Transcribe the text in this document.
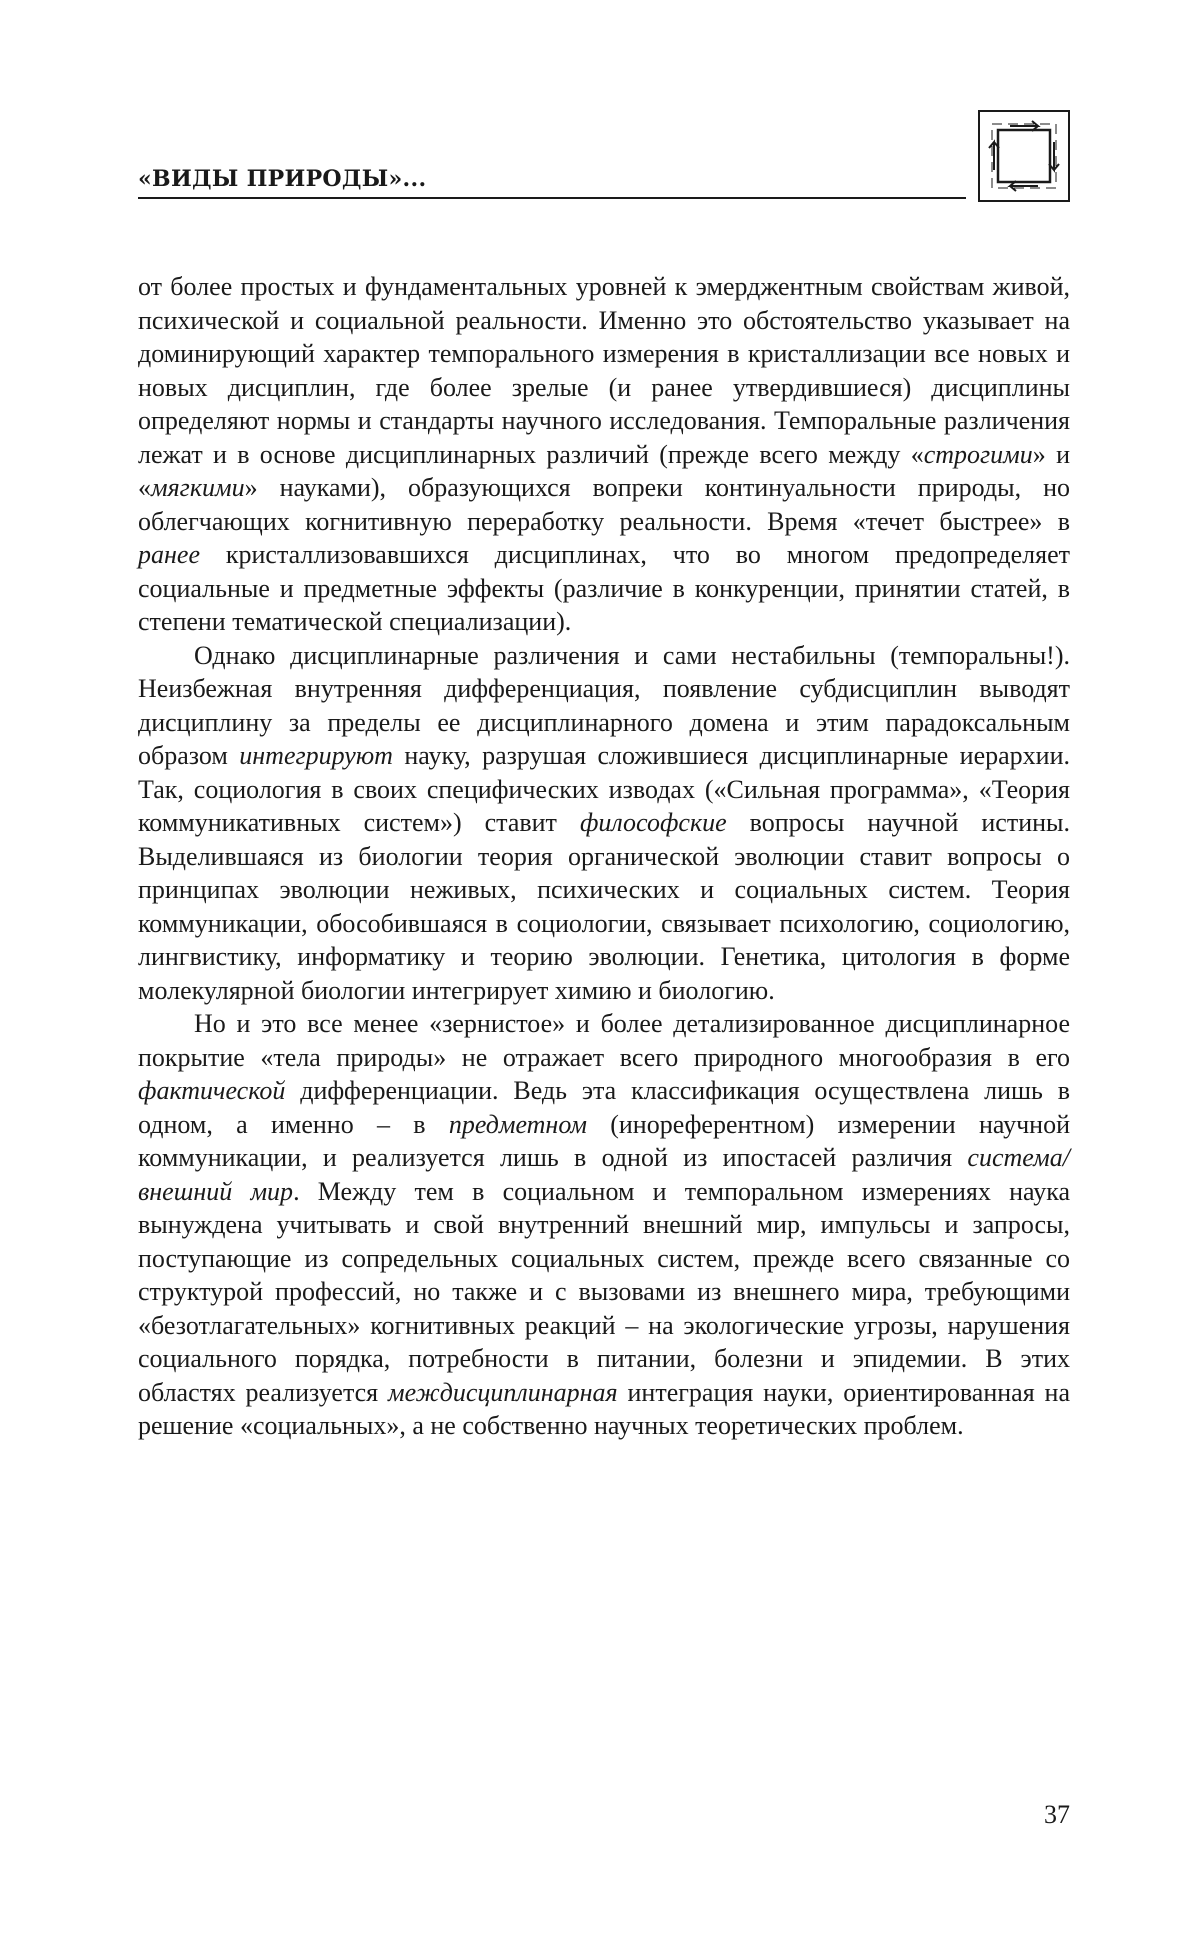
«ВИДЫ ПРИРОДЫ»...

от более простых и фундаментальных уровней к эмерджентным свойствам живой, психической и социальной реальности. Именно это обстоятельство указывает на доминирующий характер темпорального измерения в кристаллизации все новых и новых дисциплин, где более зрелые (и ранее утвердившиеся) дисциплины определяют нормы и стандарты научного исследования. Темпоральные различения лежат и в основе дисциплинарных различий (прежде всего между «строгими» и «мягкими» науками), образующихся вопреки континуальности природы, но облегчающих когнитивную переработку реальности. Время «течет быстрее» в ранее кристаллизовавшихся дисциплинах, что во многом предопределяет социальные и предметные эффекты (различие в конкуренции, принятии статей, в степени тематической специализации).

Однако дисциплинарные различения и сами нестабильны (темпоральны!). Неизбежная внутренняя дифференциация, появление субдисциплин выводят дисциплину за пределы ее дисциплинарного домена и этим парадоксальным образом интегрируют науку, разрушая сложившиеся дисциплинарные иерархии. Так, социология в своих специфических изводах («Сильная программа», «Теория коммуникативных систем») ставит философские вопросы научной истины. Выделившаяся из биологии теория органической эволюции ставит вопросы о принципах эволюции неживых, психических и социальных систем. Теория коммуникации, обособившаяся в социологии, связывает психологию, социологию, лингвистику, информатику и теорию эволюции. Генетика, цитология в форме молекулярной биологии интегрирует химию и биологию.

Но и это все менее «зернистое» и более детализированное дисциплинарное покрытие «тела природы» не отражает всего природного многообразия в его фактической дифференциации. Ведь эта классификация осуществлена лишь в одном, а именно – в предметном (инореферентном) измерении научной коммуникации, и реализуется лишь в одной из ипостасей различия система/внешний мир. Между тем в социальном и темпоральном измерениях наука вынуждена учитывать и свой внутренний внешний мир, импульсы и запросы, поступающие из сопредельных социальных систем, прежде всего связанные со структурой профессий, но также и с вызовами из внешнего мира, требующими «безотлагательных» когнитивных реакций – на экологические угрозы, нарушения социального порядка, потребности в питании, болезни и эпидемии. В этих областях реализуется междисциплинарная интеграция науки, ориентированная на решение «социальных», а не собственно научных теоретических проблем.

37
